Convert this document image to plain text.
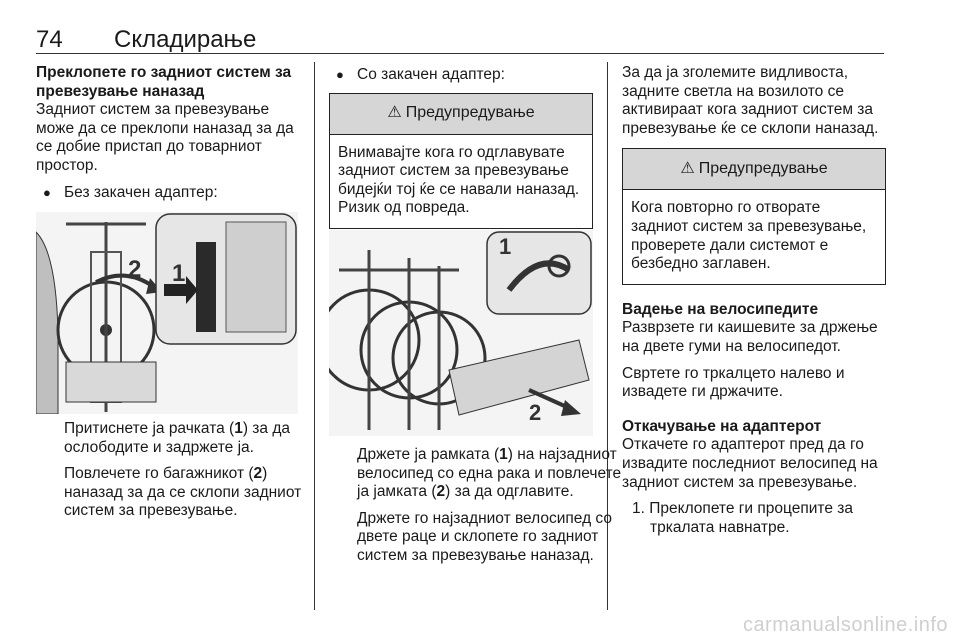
74 Складирање

Преклопете го задниот систем за превезување наназад

Задниот систем за превезување може да се преклопи наназад за да се добие пристап до товарниот простор.

● Без закачен адаптер:
2 1

Притиснете ја рачката (1) за да ослободите и задржете ја.

Повлечете го багажникот (2) наназад за да се склопи задниот систем за превезување.

● Со закачен адаптер:
⚠ Предупредување
Внимавајте кога го одглавувате задниот систем за превезување бидејќи тој ќе се навали наназад. Ризик од повреда.
1
2

Држете ја рамката (1) на најзадниот велосипед со една рака и повлечете ја јамката (2) за да одглавите.

Држете го најзадниот велосипед со двете раце и склопете го задниот систем за превезување наназад.

За да ја зголемите видливоста, задните светла на возилото се активираат кога задниот систем за превезување ќе се склопи наназад.

⚠ Предупредување
Кога повторно го отворате задниот систем за превезување, проверете дали системот е безбедно заглавен.

Вадење на велосипедите

Разврзете ги каишевите за држење на двете гуми на велосипедот.

Свртете го тркалцето налево и извадете ги држачите.

Откачување на адаптерот

Откачете го адаптерот пред да го извадите последниот велосипед на задниот систем за превезување.

1. Преклопете ги процепите за тркалата навнатре.
carmanualsonline.info
